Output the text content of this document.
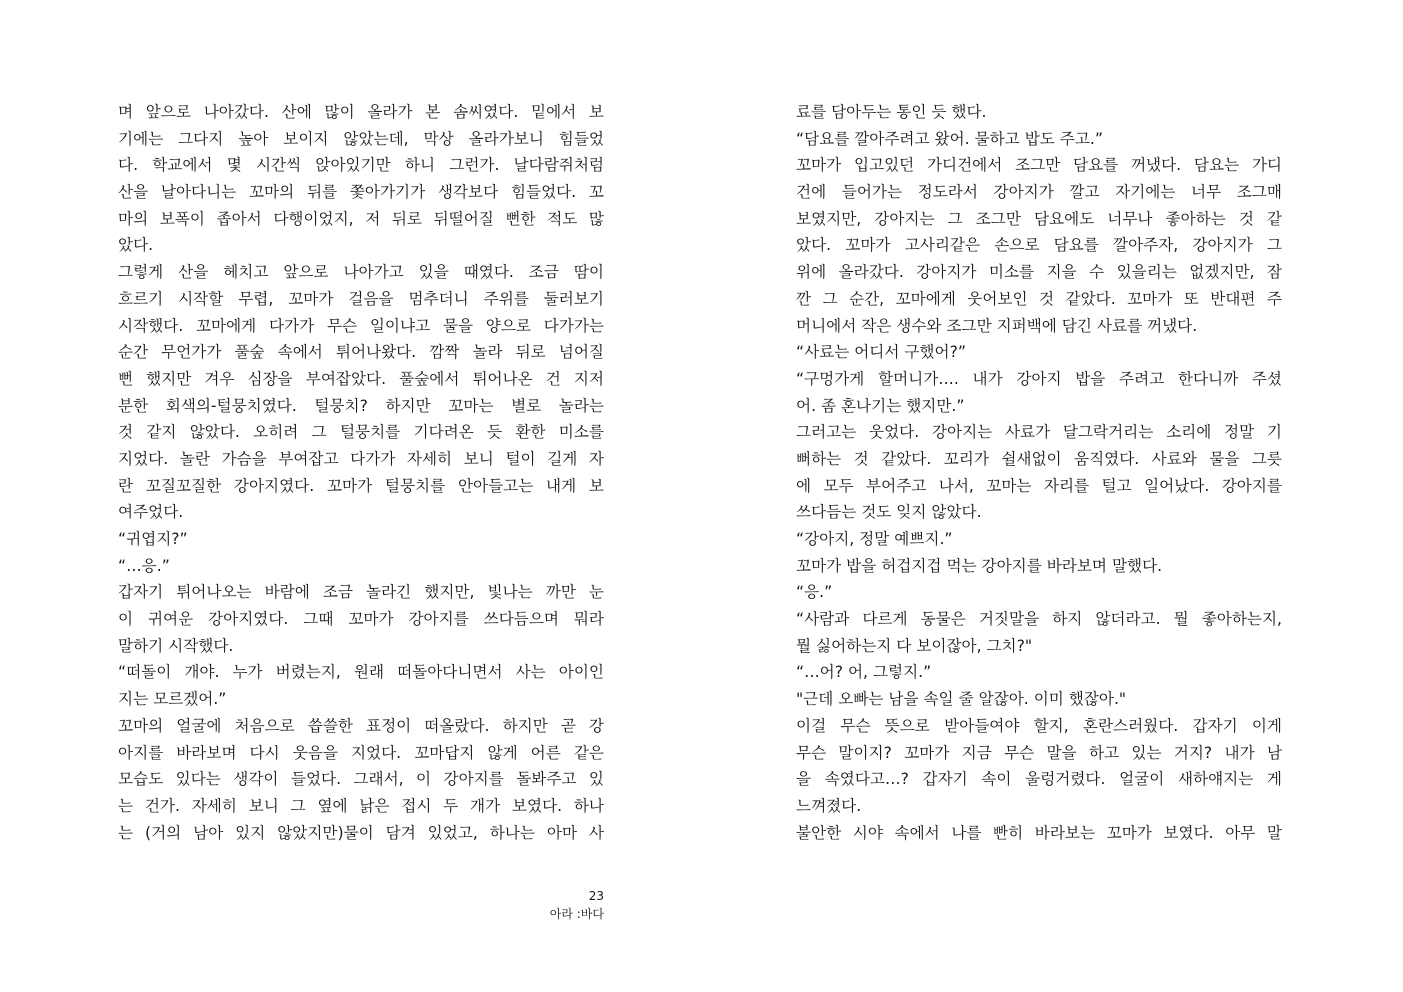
며 앞으로 나아갔다. 산에 많이 올라가 본 솜씨였다. 밑에서 보
기에는 그다지 높아 보이지 않았는데, 막상 올라가보니 힘들었
다. 학교에서 몇 시간씩 앉아있기만 하니 그런가. 날다람쥐처럼
산을 날아다니는 꼬마의 뒤를 쫓아가기가 생각보다 힘들었다. 꼬
마의 보폭이 좁아서 다행이었지, 저 뒤로 뒤떨어질 뻔한 적도 많
았다.
그렇게 산을 헤치고 앞으로 나아가고 있을 때였다. 조금 땀이
흐르기 시작할 무렵, 꼬마가 걸음을 멈추더니 주위를 둘러보기
시작했다. 꼬마에게 다가가 무슨 일이냐고 물을 양으로 다가가는
순간 무언가가 풀숲 속에서 튀어나왔다. 깜짝 놀라 뒤로 넘어질
뻔 했지만 겨우 심장을 부여잡았다. 풀숲에서 튀어나온 건 지저
분한 회색의-털뭉치였다. 털뭉치? 하지만 꼬마는 별로 놀라는
것 같지 않았다. 오히려 그 털뭉치를 기다려온 듯 환한 미소를
지었다. 놀란 가슴을 부여잡고 다가가 자세히 보니 털이 길게 자
란 꼬질꼬질한 강아지였다. 꼬마가 털뭉치를 안아들고는 내게 보
여주었다.
“귀엽지?”
“…응.”
갑자기 튀어나오는 바람에 조금 놀라긴 했지만, 빛나는 까만 눈
이 귀여운 강아지였다. 그때 꼬마가 강아지를 쓰다듬으며 뭐라
말하기 시작했다.
“떠돌이 개야. 누가 버렸는지, 원래 떠돌아다니면서 사는 아이인
지는 모르겠어.”
꼬마의 얼굴에 처음으로 씁쓸한 표정이 떠올랐다. 하지만 곧 강
아지를 바라보며 다시 웃음을 지었다. 꼬마답지 않게 어른 같은
모습도 있다는 생각이 들었다. 그래서, 이 강아지를 돌봐주고 있
는 건가. 자세히 보니 그 옆에 낡은 접시 두 개가 보였다. 하나
는 (거의 남아 있지 않았지만)물이 담겨 있었고, 하나는 아마 사
료를 담아두는 통인 듯 했다.
“담요를 깔아주려고 왔어. 물하고 밥도 주고.”
꼬마가 입고있던 가디건에서 조그만 담요를 꺼냈다. 담요는 가디
건에 들어가는 정도라서 강아지가 깔고 자기에는 너무 조그매
보였지만, 강아지는 그 조그만 담요에도 너무나 좋아하는 것 같
았다. 꼬마가 고사리같은 손으로 담요를 깔아주자, 강아지가 그
위에 올라갔다. 강아지가 미소를 지을 수 있을리는 없겠지만, 잠
깐 그 순간, 꼬마에게 웃어보인 것 같았다. 꼬마가 또 반대편 주
머니에서 작은 생수와 조그만 지퍼백에 담긴 사료를 꺼냈다.
“사료는 어디서 구했어?”
“구멍가게 할머니가…. 내가 강아지 밥을 주려고 한다니까 주셨
어. 좀 혼나기는 했지만.”
그러고는 웃었다. 강아지는 사료가 달그락거리는 소리에 정말 기
뻐하는 것 같았다. 꼬리가 쉴새없이 움직였다. 사료와 물을 그릇
에 모두 부어주고 나서, 꼬마는 자리를 털고 일어났다. 강아지를
쓰다듬는 것도 잊지 않았다.
“강아지, 정말 예쁘지.”
꼬마가 밥을 허겁지겁 먹는 강아지를 바라보며 말했다.
“응.”
“사람과 다르게 동물은 거짓말을 하지 않더라고. 뭘 좋아하는지,
뭘 싫어하는지 다 보이잖아, 그치?"
“…어? 어, 그렇지.”
"근데 오빠는 남을 속일 줄 알잖아. 이미 했잖아."
이걸 무슨 뜻으로 받아들여야 할지, 혼란스러웠다. 갑자기 이게
무슨 말이지? 꼬마가 지금 무슨 말을 하고 있는 거지? 내가 남
을 속였다고…? 갑자기 속이 울렁거렸다. 얼굴이 새하얘지는 게
느껴졌다.
불안한 시야 속에서 나를 빤히 바라보는 꼬마가 보였다. 아무 말
23
아라 :바다
